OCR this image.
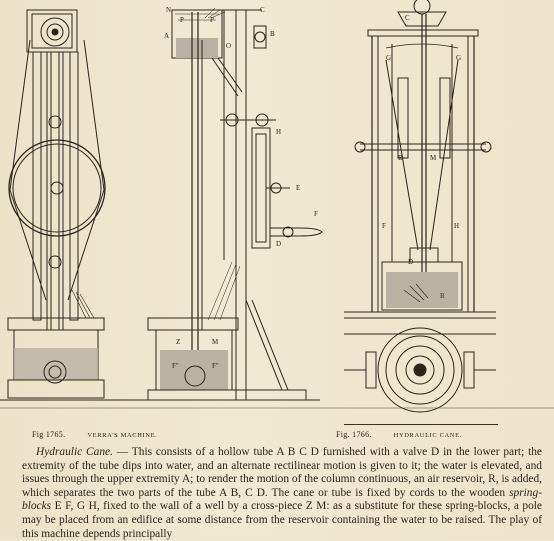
N	C
P	P
A	B
O
H
E
F
D
Z	M
F"	F"
C
G
F	H
M
D
G
B
R
Fig 1765.	VERRA'S MACHINE.	Fig. 1766.	HYDRAULIC CANE.

Hydraulic Cane. — This consists of a hollow tube A B C D furnished with a valve D in the lower part; the extremity of the tube dips into water, and an alternate rectilinear motion is given to it; the water is elevated, and issues through the upper extremity A; to render the motion of the column continuous, an air reservoir, R, is added, which separates the two parts of the tube A B, C D. The cane or tube is fixed by cords to the wooden spring-blocks E F, G H, fixed to the wall of a well by a cross-piece Z M: as a substitute for these spring-blocks, a pole may be placed from an edifice at some distance from the reservoir containing the water to be raised. The play of this machine depends principally
